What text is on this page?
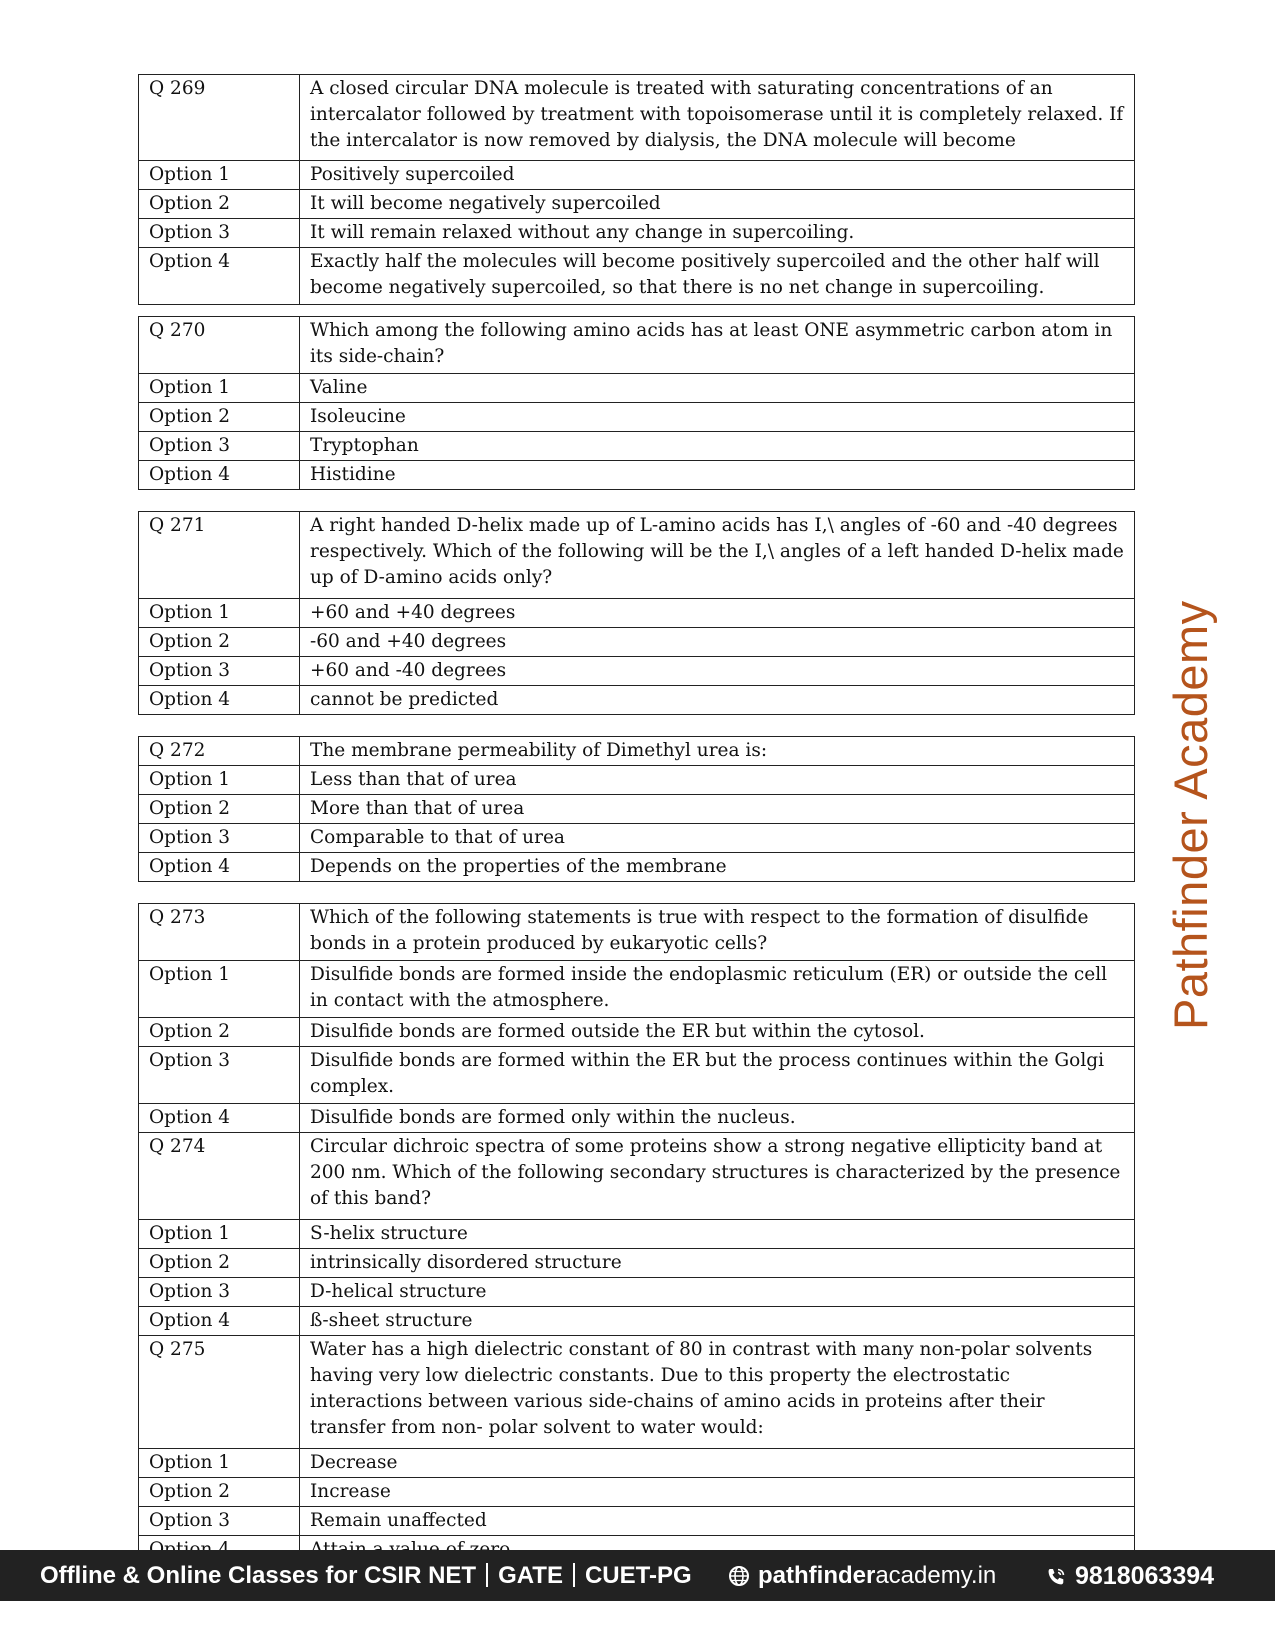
Q 269	A closed circular DNA molecule is treated with saturating concentrations of an intercalator followed by treatment with topoisomerase until it is completely relaxed. If the intercalator is now removed by dialysis, the DNA molecule will become
Option 1	Positively supercoiled
Option 2	It will become negatively supercoiled
Option 3	It will remain relaxed without any change in supercoiling.
Option 4	Exactly half the molecules will become positively supercoiled and the other half will become negatively supercoiled, so that there is no net change in supercoiling.
Q 270	Which among the following amino acids has at least ONE asymmetric carbon atom in its side-chain?
Option 1	Valine
Option 2	Isoleucine
Option 3	Tryptophan
Option 4	Histidine
Q 271	A right handed D-helix made up of L-amino acids has I,\ angles of -60 and -40 degrees respectively. Which of the following will be the I,\ angles of a left handed D-helix made up of D-amino acids only?
Option 1	+60 and +40 degrees
Option 2	-60 and +40 degrees
Option 3	+60 and -40 degrees
Option 4	cannot be predicted
Q 272	The membrane permeability of Dimethyl urea is:
Option 1	Less than that of urea
Option 2	More than that of urea
Option 3	Comparable to that of urea
Option 4	Depends on the properties of the membrane
Q 273	Which of the following statements is true with respect to the formation of disulfide bonds in a protein produced by eukaryotic cells?
Option 1	Disulfide bonds are formed inside the endoplasmic reticulum (ER) or outside the cell in contact with the atmosphere.
Option 2	Disulfide bonds are formed outside the ER but within the cytosol.
Option 3	Disulfide bonds are formed within the ER but the process continues within the Golgi complex.
Option 4	Disulfide bonds are formed only within the nucleus.
Q 274	Circular dichroic spectra of some proteins show a strong negative ellipticity band at 200 nm. Which of the following secondary structures is characterized by the presence of this band?
Option 1	S-helix structure
Option 2	intrinsically disordered structure
Option 3	D-helical structure
Option 4	ß-sheet structure
Q 275	Water has a high dielectric constant of 80 in contrast with many non-polar solvents having very low dielectric constants. Due to this property the electrostatic interactions between various side-chains of amino acids in proteins after their transfer from non- polar solvent to water would:
Option 1	Decrease
Option 2	Increase
Option 3	Remain unaffected

Pathfinder Academy
Offline & Online Classes for CSIR NET GATE CUET-PG	pathfinderacademy.in	9818063394
